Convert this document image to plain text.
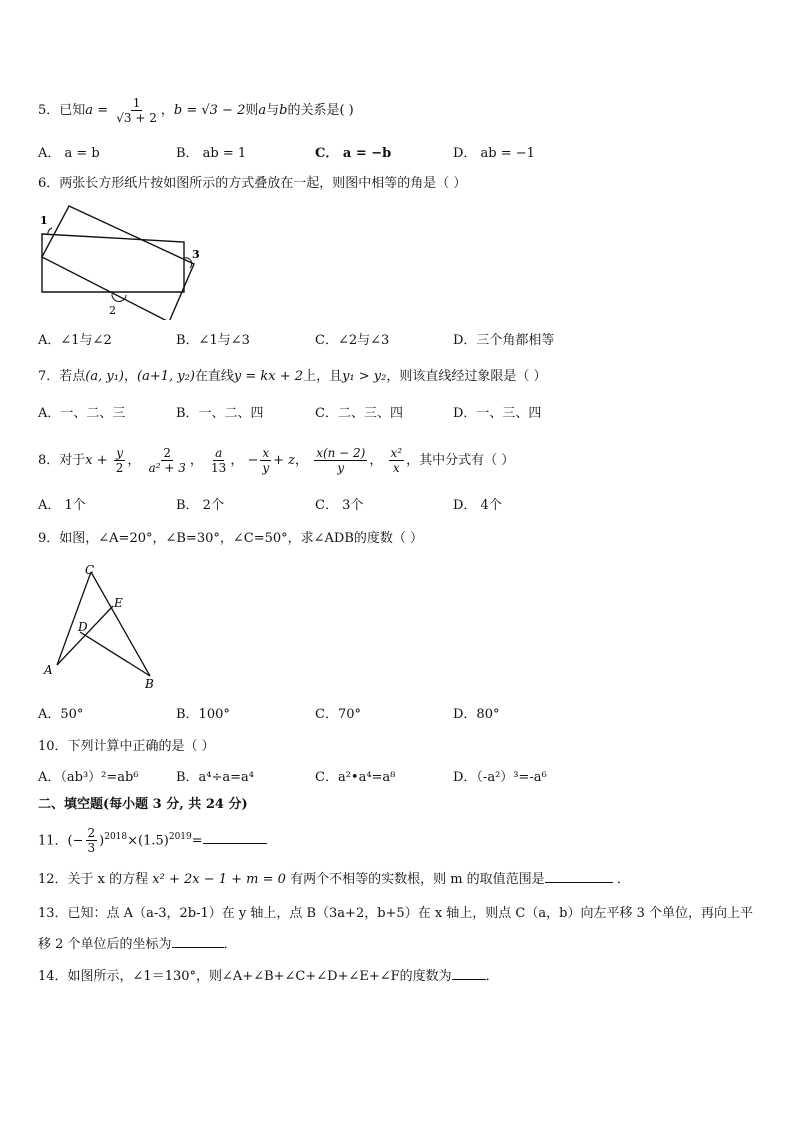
5．已知$a = \frac{1}{√3 + 2}$ ，b = √3 − 2则a与b的关系是( )
A． a = b	B． ab = 1	C． a = −b	D． ab = −1
6．两张长方形纸片按如图所示的方式叠放在一起，则图中相等的角是（ ）
1
2
3
A．∠1与∠2	B．∠1与∠3	C．∠2与∠3	D．三个角都相等
7．若点(a, y₁)，(a+1, y₂)在直线y = kx + 2上，且y₁ > y₂，则该直线经过象限是（ ）
A．一、二、三	B．一、二、四	C．二、三、四	D．一、三、四
8．对于$x + \frac{y}{2}$ ， $\frac{2}{\text{a² + 3}}$ ， $\frac{a}{13}$ ， − $\frac{x}{y} + z$， $\frac{x(n - 2)}{y}$ ， $\frac{\text{x²}}{x}$ ，其中分式有（ ）
A． 1个	B． 2个	C． 3个	D． 4个
9．如图，∠A=20°，∠B=30°，∠C=50°，求∠ADB的度数（ ）
C
E
D
A
B
A．50°	B．100°	C．70°	D．80°
10．下列计算中正确的是（ ）
A．（ab³）²=ab⁶	B．a⁴÷a=a⁴	C．a²•a⁴=a⁸	D．（-a²）³=-a⁶
二、填空题(每小题 3 分, 共 24 分)
11．(− $\frac{2}{3} )^{2018}\times(1.5)^{2019}=$
12．关于 x 的方程 x² + 2x − 1 + m = 0 有两个不相等的实数根，则 m 的取值范围是	．
13．已知：点 A（a-3，2b-1）在 y 轴上，点 B（3a+2，b+5）在 x 轴上，则点 C（a，b）向左平移 3 个单位，再向上平
移 2 个单位后的坐标为	．
14．如图所示，∠1＝130°，则∠A+∠B+∠C+∠D+∠E+∠F的度数为	．
